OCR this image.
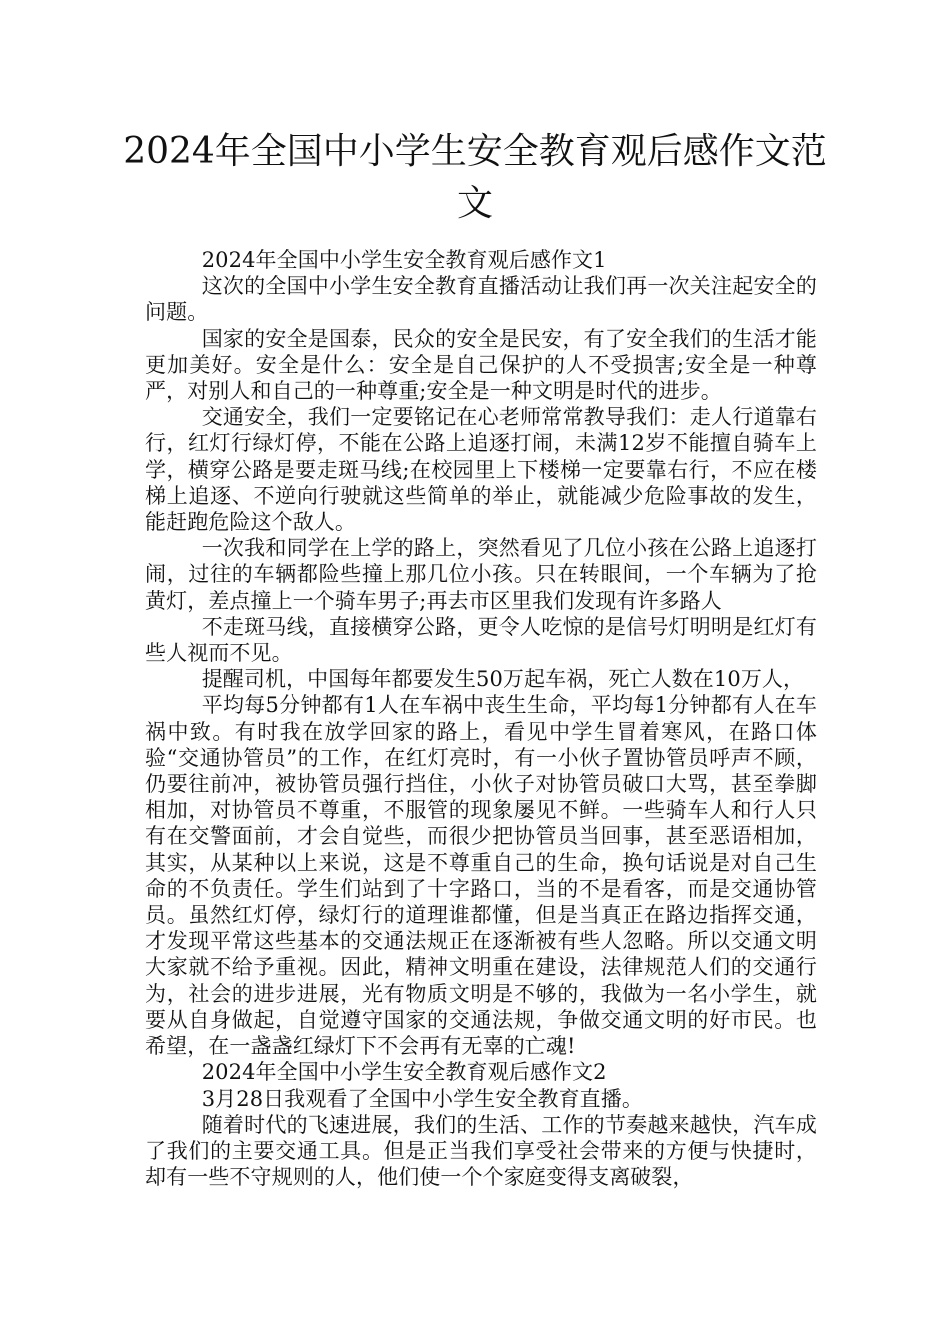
2024年全国中小学生安全教育观后感作文范文

2024年全国中小学生安全教育观后感作文1

这次的全国中小学生安全教育直播活动让我们再一次关注起安全的问题。

国家的安全是国泰，民众的安全是民安，有了安全我们的生活才能更加美好。安全是什么：安全是自己保护的人不受损害;安全是一种尊严，对别人和自己的一种尊重;安全是一种文明是时代的进步。

交通安全，我们一定要铭记在心老师常常教导我们：走人行道靠右行，红灯行绿灯停，不能在公路上追逐打闹，未满12岁不能擅自骑车上学，横穿公路是要走斑马线;在校园里上下楼梯一定要靠右行，不应在楼梯上追逐、不逆向行驶就这些简单的举止，就能减少危险事故的发生，能赶跑危险这个敌人。

一次我和同学在上学的路上，突然看见了几位小孩在公路上追逐打闹，过往的车辆都险些撞上那几位小孩。只在转眼间，一个车辆为了抢黄灯，差点撞上一个骑车男子;再去市区里我们发现有许多路人

不走斑马线，直接横穿公路，更令人吃惊的是信号灯明明是红灯有些人视而不见。

提醒司机，中国每年都要发生50万起车祸，死亡人数在10万人，

平均每5分钟都有1人在车祸中丧生生命，平均每1分钟都有人在车祸中致。有时我在放学回家的路上，看见中学生冒着寒风，在路口体验“交通协管员”的工作，在红灯亮时，有一小伙子置协管员呼声不顾，仍要往前冲，被协管员强行挡住，小伙子对协管员破口大骂，甚至拳脚相加，对协管员不尊重，不服管的现象屡见不鲜。一些骑车人和行人只有在交警面前，才会自觉些，而很少把协管员当回事，甚至恶语相加，其实，从某种以上来说，这是不尊重自己的生命，换句话说是对自己生命的不负责任。学生们站到了十字路口，当的不是看客，而是交通协管员。虽然红灯停，绿灯行的道理谁都懂，但是当真正在路边指挥交通，才发现平常这些基本的交通法规正在逐渐被有些人忽略。所以交通文明大家就不给予重视。因此，精神文明重在建设，法律规范人们的交通行为，社会的进步进展，光有物质文明是不够的，我做为一名小学生，就要从自身做起，自觉遵守国家的交通法规，争做交通文明的好市民。也希望，在一盏盏红绿灯下不会再有无辜的亡魂!

2024年全国中小学生安全教育观后感作文2

3月28日我观看了全国中小学生安全教育直播。

随着时代的飞速进展，我们的生活、工作的节奏越来越快，汽车成了我们的主要交通工具。但是正当我们享受社会带来的方便与快捷时，却有一些不守规则的人，他们使一个个家庭变得支离破裂，
